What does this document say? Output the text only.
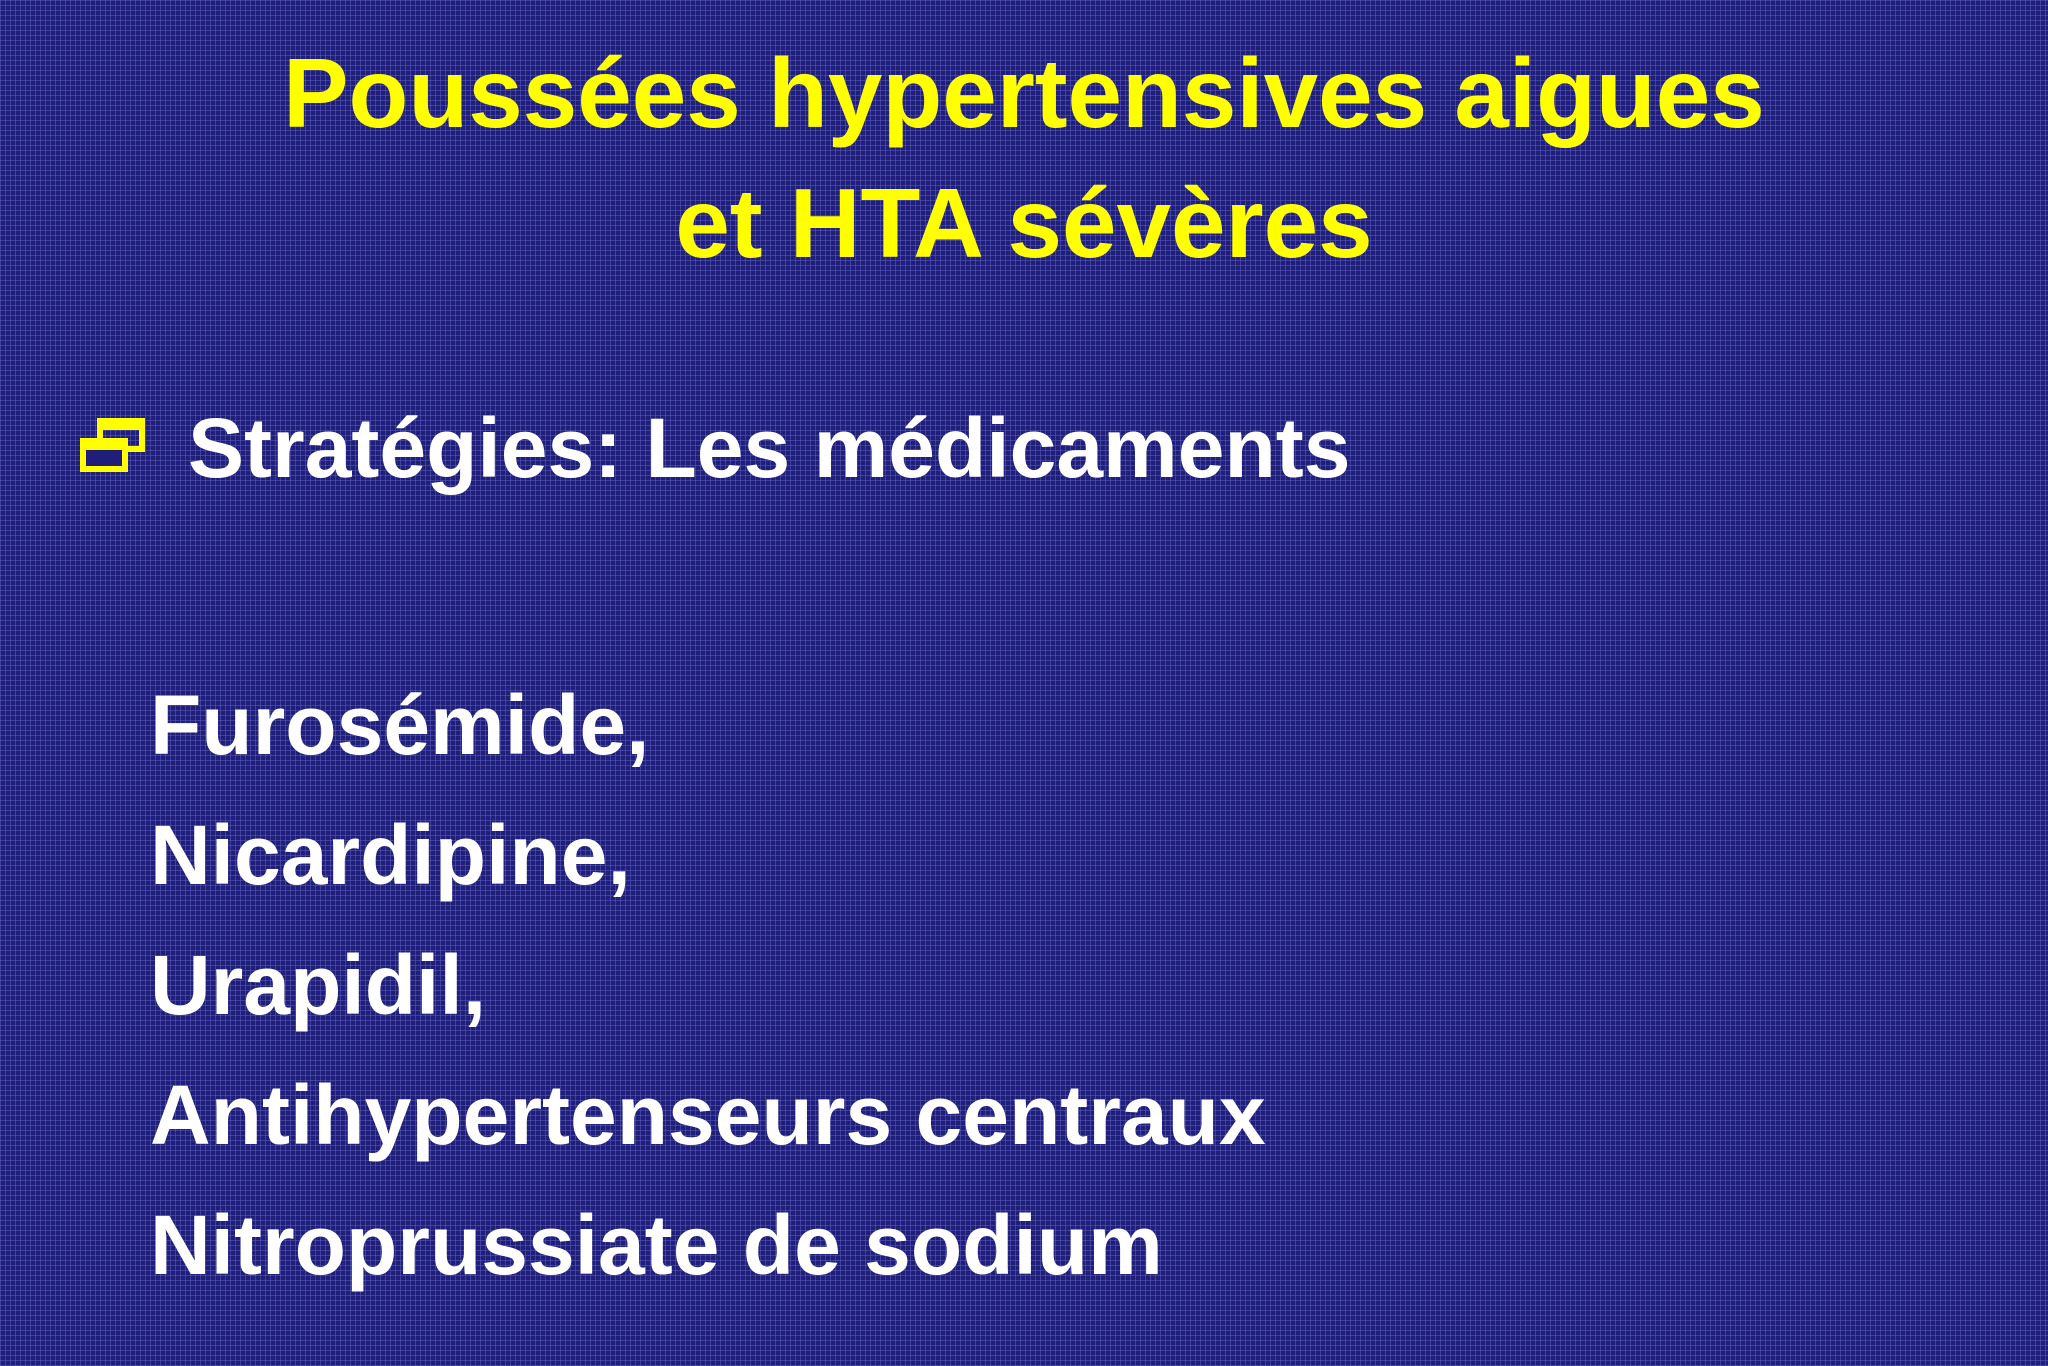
Poussées hypertensives aigues
et HTA sévères
Stratégies: Les médicaments
Furosémide,
Nicardipine,
Urapidil,
Antihypertenseurs centraux
Nitroprussiate de sodium
